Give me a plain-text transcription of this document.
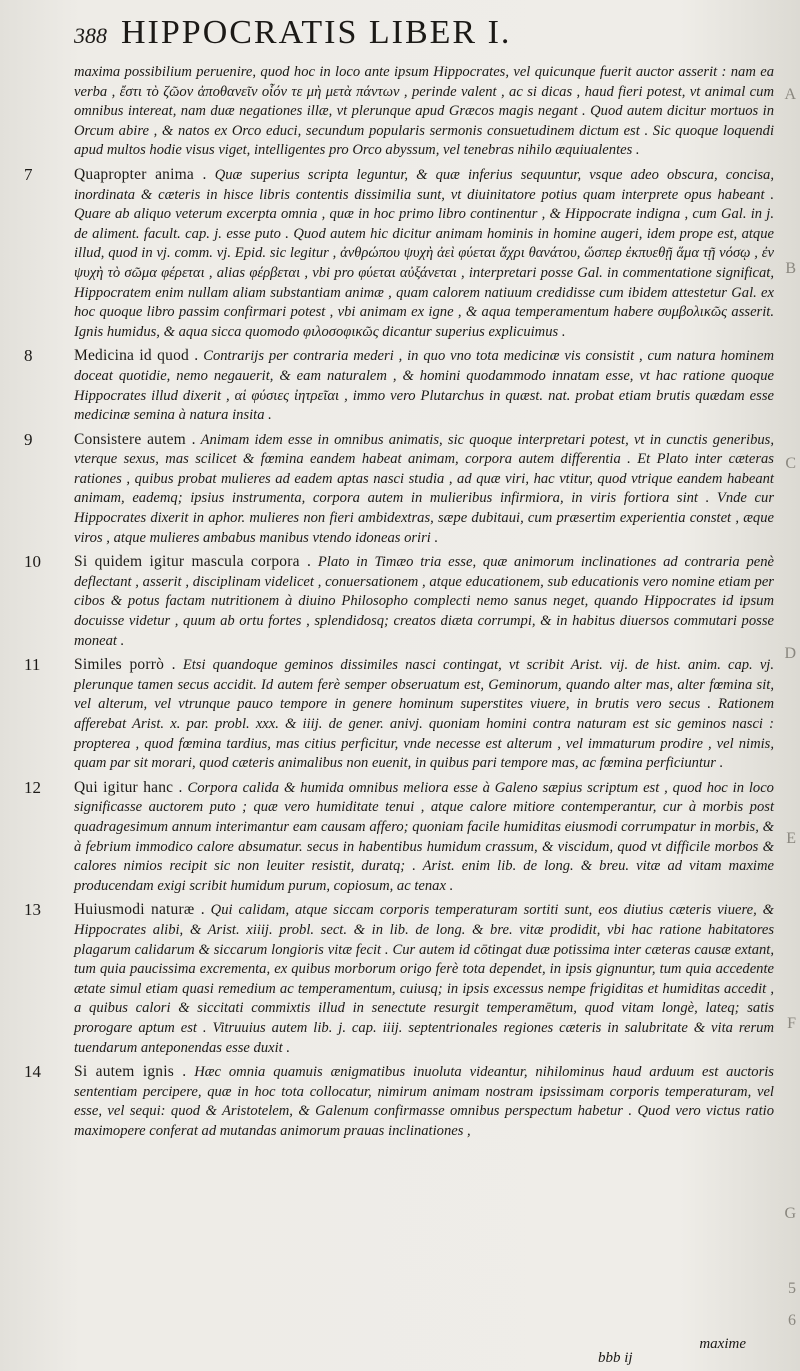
388 HIPPOCRATIS LIBER I.

maxima possibilium peruenire, quod hoc in loco ante ipsum Hippocrates, vel quicunque fuerit auctor asserit : nam ea verba , ἔστι τὸ ζῶον ἀποθανεῖν οἷόν τε μὴ μετὰ πάντων , perinde valent , ac si dicas , haud fieri potest, vt animal cum omnibus intereat, nam duæ negationes illæ, vt plerunque apud Græcos magis negant . Quod autem dicitur mortuos in Orcum abire , & natos ex Orco educi, secundum popularis sermonis consuetudinem dictum est . Sic quoque loquendi apud multos hodie visus viget, intelligentes pro Orco abyssum, vel tenebras nihilo æquiualentes .

7	Quapropter anima . Quæ superius scripta leguntur, & quæ inferius sequuntur, vsque adeo obscura, concisa, inordinata & cæteris in hisce libris contentis dissimilia sunt, vt diuinitatore potius quam interprete opus habeant . Quare ab aliquo veterum excerpta omnia , quæ in hoc primo libro continentur , & Hippocrate indigna , cum Gal. in j. de aliment. facult. cap. j. esse puto . Quod autem hic dicitur animam hominis in homine augeri, idem prope est, atque illud, quod in vj. comm. vj. Epid. sic legitur , ἀνθρώπου ψυχὴ ἀεὶ φύεται ἄχρι θανάτου, ὥσπερ ἐκπυεθῇ ἅμα τῇ νόσῳ , ἐν ψυχὴ τὸ σῶμα φέρεται , alias φέρβεται , vbi pro φύεται αὐξάνεται , interpretari posse Gal. in commentatione significat, Hippocratem enim nullam aliam substantiam animæ , quam calorem natiuum credidisse cum ibidem attestetur Gal. ex hoc quoque libro passim confirmari potest , vbi animam ex igne , & aqua temperamentum habere συμβολικῶς asserit. Ignis humidus, & aqua sicca quomodo φιλοσοφικῶς dicantur superius explicuimus .

8	Medicina id quod . Contrarijs per contraria mederi , in quo vno tota medicinæ vis consistit , cum natura hominem doceat quotidie, nemo negauerit, & eam naturalem , & homini quodammodo innatam esse, vt hac ratione quoque Hippocrates illud dixerit , αἱ φύσιες ἰητρεῖαι , immo vero Plutarchus in quæst. nat. probat etiam brutis quædam esse medicinæ semina à natura insita .

9	Consistere autem . Animam idem esse in omnibus animatis, sic quoque interpretari potest, vt in cunctis generibus, vterque sexus, mas scilicet & fœmina eandem habeat animam, corpora autem differentia . Et Plato inter cæteras rationes , quibus probat mulieres ad eadem aptas nasci studia , ad quæ viri, hac vtitur, quod vtrique eandem habeant animam, eademq; ipsius instrumenta, corpora autem in mulieribus infirmiora, in viris fortiora sint . Vnde cur Hippocrates dixerit in aphor. mulieres non fieri ambidextras, sæpe dubitaui, cum præsertim experientia constet , æque viros , atque mulieres ambabus manibus vtendo idoneas oriri .

10 Si quidem igitur mascula corpora . Plato in Timæo tria esse, quæ animorum inclinationes ad contraria penè deflectant , asserit , disciplinam videlicet , conuersationem , atque educationem, sub educationis vero nomine etiam per cibos & potus factam nutritionem à diuino Philosopho complecti nemo sanus neget, quando Hippocrates id ipsum docuisse videtur , quum ab ortu fortes , splendidosq; creatos diæta corrumpi, & in habitus diuersos commutari posse moneat .

11 Similes porrò . Etsi quandoque geminos dissimiles nasci contingat, vt scribit Arist. vij. de hist. anim. cap. vj. plerunque tamen secus accidit. Id autem ferè semper obseruatum est, Geminorum, quando alter mas, alter fœmina sit, vel alterum, vel vtrunque pauco tempore in genere hominum superstites viuere, in brutis vero secus . Rationem afferebat Arist. x. par. probl. xxx. & iiij. de gener. anivj. quoniam homini contra naturam est sic geminos nasci : propterea , quod fœmina tardius, mas citius perficitur, vnde necesse est alterum , vel immaturum prodire , vel nimis, quam par sit morari, quod cæteris animalibus non euenit, in quibus pari tempore mas, ac fœmina perficiuntur .

12 Qui igitur hanc . Corpora calida & humida omnibus meliora esse à Galeno sæpius scriptum est , quod hoc in loco significasse auctorem puto ; quæ vero humiditate tenui , atque calore mitiore contemperantur, cur à morbis post quadragesimum annum interimantur eam causam affero; quoniam facile humiditas eiusmodi corrumpatur in morbis, & à febrium immodico calore absumatur. secus in habentibus humidum crassum, & viscidum, quod vt difficile morbos & calores nimios recipit sic non leuiter resistit, duratq; . Arist. enim lib. de long. & breu. vitæ ad vitam maxime producendam exigi scribit humidum purum, copiosum, ac tenax .

13 Huiusmodi naturæ . Qui calidam, atque siccam corporis temperaturam sortiti sunt, eos diutius cæteris viuere, & Hippocrates alibi, & Arist. xiiij. probl. sect. & in lib. de long. & bre. vitæ prodidit, vbi hac ratione habitatores plagarum calidarum & siccarum longioris vitæ fecit . Cur autem id cōtingat duæ potissima inter cæteras causæ extant, tum quia paucissima excrementa, ex quibus morborum origo ferè tota dependet, in ipsis gignuntur, tum quia accedente ætate simul etiam quasi remedium ac temperamentum, cuiusq; in ipsis excessus nempe frigiditas et humiditas accedit , a quibus calori & siccitati commixtis illud in senectute resurgit temperamētum, quod vitam longè, lateq; satis prorogare aptum est . Vitruuius autem lib. j. cap. iiij. septentrionales regiones cæteris in salubritate & vita rerum tuendarum anteponendas esse duxit .

14 Si autem ignis . Hæc omnia quamuis ænigmatibus inuoluta videantur, nihilominus haud arduum est auctoris sententiam percipere, quæ in hoc tota collocatur, nimirum animam nostram ipsissimam corporis temperaturam, vel esse, vel sequi: quod & Aristotelem, & Galenum confirmasse omnibus perspectum habetur . Quod vero victus ratio maximopere conferat ad mutandas animorum prauas inclinationes ,

A
B
C
D
E
F
G
5
6
bbb ij
maxime
